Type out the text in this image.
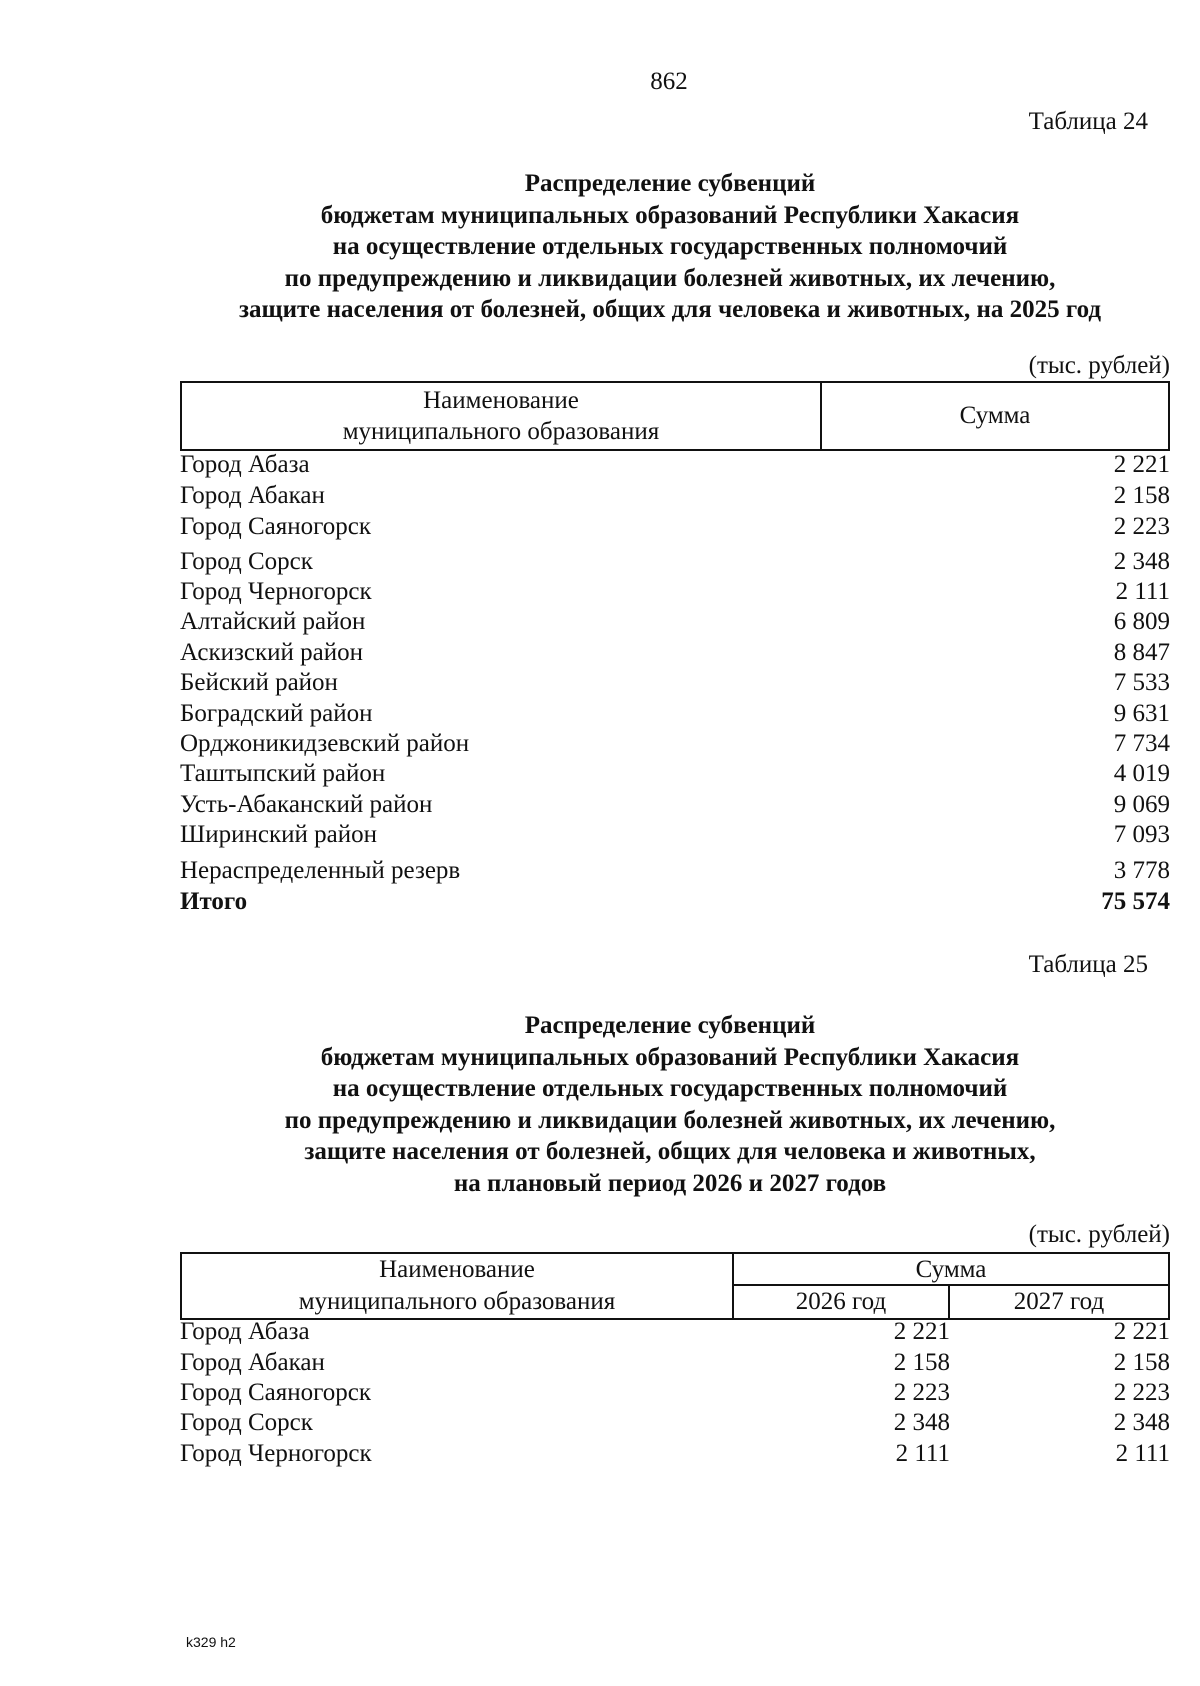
862
Таблица 24
Распределение субвенций
бюджетам муниципальных образований Республики Хакасия
на осуществление отдельных государственных полномочий
по предупреждению и ликвидации болезней животных, их лечению,
защите населения от болезней, общих для человека и животных, на 2025 год
(тыс. рублей)
Наименование
муниципального образования
Сумма
Город Абаза	2 221
Город Абакан	2 158
Город Саяногорск	2 223
Город Сорск	2 348
Город Черногорск	2 111
Алтайский район	6 809
Аскизский район	8 847
Бейский район	7 533
Боградский район	9 631
Орджоникидзевский район	7 734
Таштыпский район	4 019
Усть-Абаканский район	9 069
Ширинский район	7 093
Нераспределенный резерв	3 778
Итого	75 574
Таблица 25
Распределение субвенций
бюджетам муниципальных образований Республики Хакасия
на осуществление отдельных государственных полномочий
по предупреждению и ликвидации болезней животных, их лечению,
защите населения от болезней, общих для человека и животных,
на плановый период 2026 и 2027 годов
(тыс. рублей)
Наименование
муниципального образования
Сумма
2026 год	2027 год
Город Абаза	2 221	2 221
Город Абакан	2 158	2 158
Город Саяногорск	2 223	2 223
Город Сорск	2 348	2 348
Город Черногорск	2 111	2 111
k329 h2
